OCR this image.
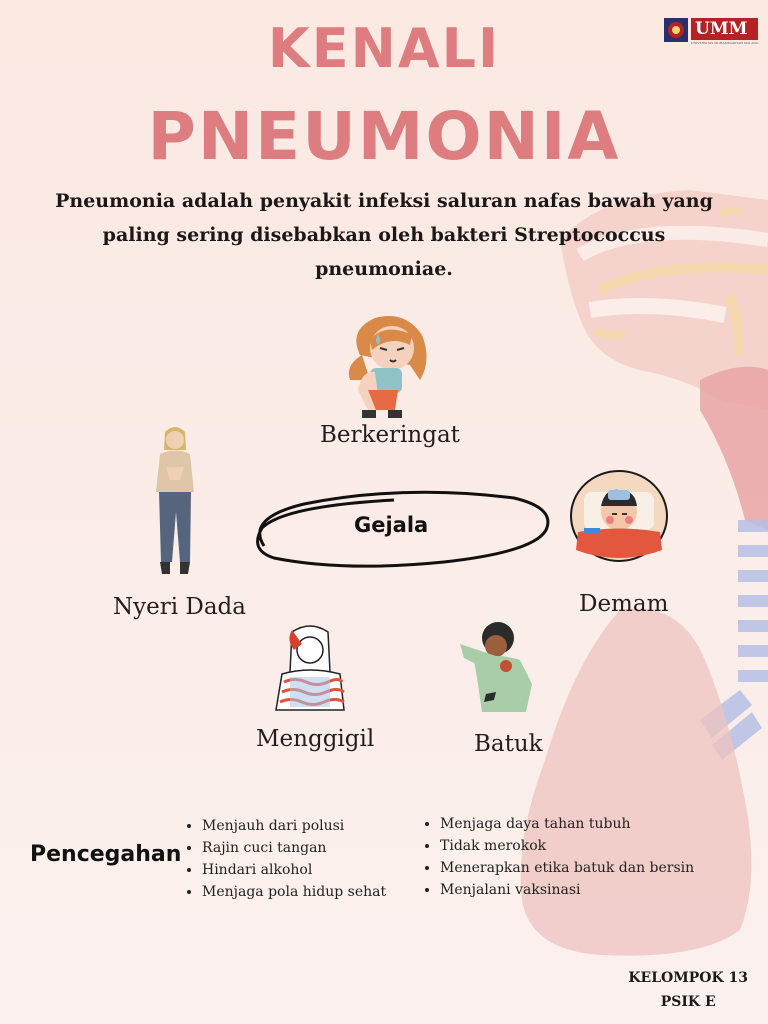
UMM
UNIVERSITAS MUHAMMADIYAH MALANG
KENALI
PNEUMONIA
Pneumonia adalah penyakit infeksi saluran nafas bawah yang paling sering disebabkan oleh bakteri Streptococcus pneumoniae.
Berkeringat
Nyeri Dada	Demam
Menggigil	Batuk
Gejala
Pencegahan
• Menjauh dari polusi
• Rajin cuci tangan
• Hindari alkohol
• Menjaga pola hidup sehat
• Menjaga daya tahan tubuh
• Tidak merokok
• Menerapkan etika batuk dan bersin
• Menjalani vaksinasi
KELOMPOK 13
PSIK E
